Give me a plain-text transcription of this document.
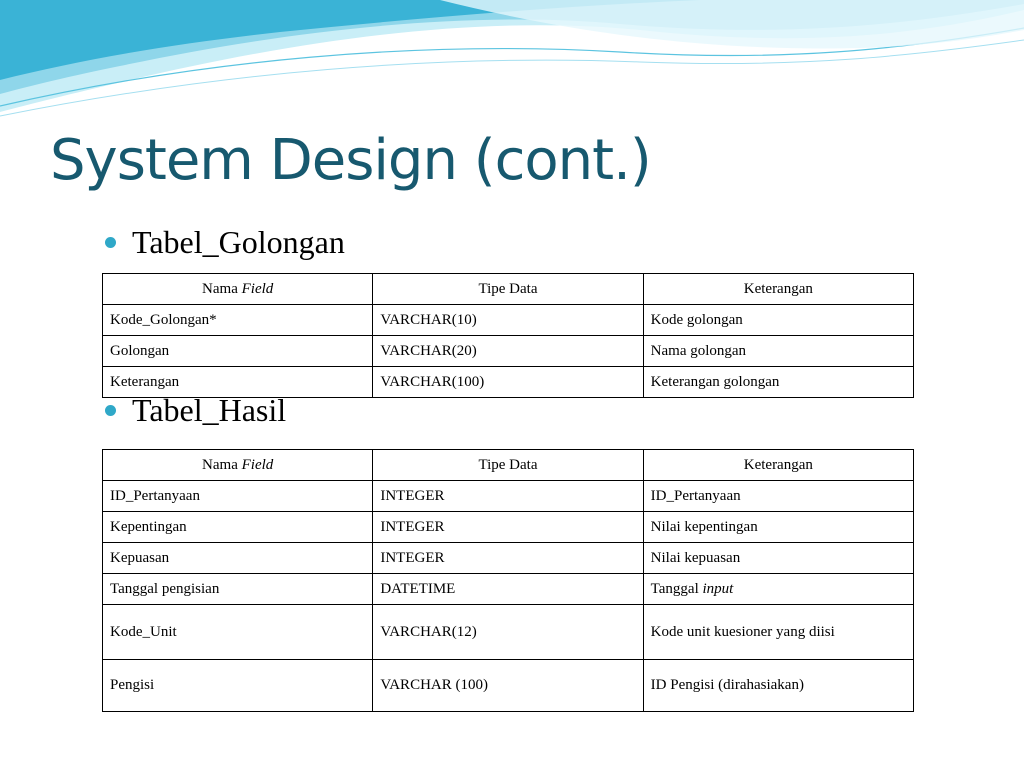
System Design (cont.)
Tabel_Golongan
Nama Field	Tipe Data	Keterangan
Kode_Golongan*	VARCHAR(10)	Kode golongan
Golongan	VARCHAR(20)	Nama golongan
Keterangan	VARCHAR(100)	Keterangan golongan
Tabel_Hasil
Nama Field	Tipe Data	Keterangan
ID_Pertanyaan	INTEGER	ID_Pertanyaan
Kepentingan	INTEGER	Nilai kepentingan
Kepuasan	INTEGER	Nilai kepuasan
Tanggal pengisian	DATETIME	Tanggal input
Kode_Unit	VARCHAR(12)	Kode unit kuesioner yang diisi
Pengisi	VARCHAR (100)	ID Pengisi (dirahasiakan)
